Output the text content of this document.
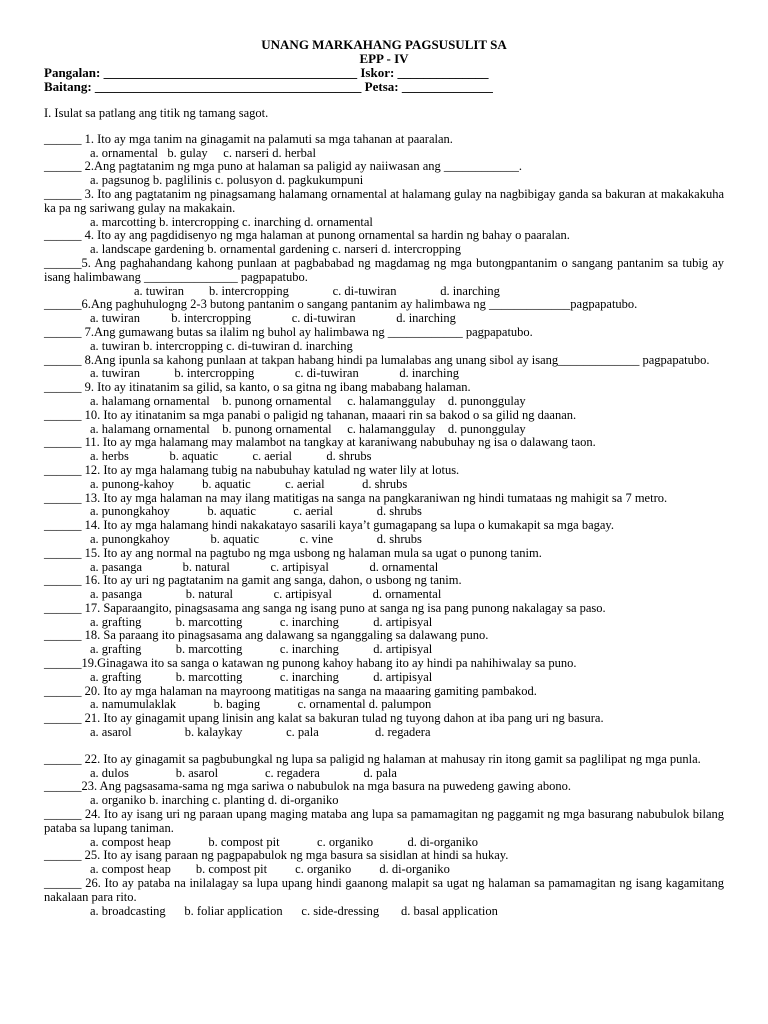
UNANG MARKAHANG PAGSUSULIT SA
EPP - IV
Pangalan: _______________________________________ Iskor: ______________
Baitang: _________________________________________ Petsa: ______________
I. Isulat sa patlang ang titik ng tamang sagot.
______ 1. Ito ay mga tanim na ginagamit na palamuti sa mga tahanan at paaralan.
a. ornamental   b. gulay     c. narseri d. herbal
______ 2.Ang pagtatanim ng mga puno at halaman sa paligid ay naiiwasan ang ____________.
a. pagsunog b. paglilinis c. polusyon d. pagkukumpuni
______ 3. Ito ang pagtatanim ng pinagsamang halamang ornamental at halamang gulay na nagbibigay ganda sa bakuran at makakakuha ka pa ng sariwang gulay na makakain.
a. marcotting b. intercropping c. inarching d. ornamental
______ 4. Ito ay ang pagdidisenyo ng mga halaman at punong ornamental sa hardin ng bahay o paaralan.
a. landscape gardening b. ornamental gardening c. narseri d. intercropping
______5. Ang paghahandang kahong punlaan at pagbababad ng magdamag ng mga butongpantanim o sangang pantanim sa tubig ay isang halimbawang _______________ pagpapatubo.
a. tuwiran        b. intercropping              c. di-tuwiran              d. inarching
______6.Ang paghuhulogng 2-3 butong pantanim o sangang pantanim ay halimbawa ng _____________pagpapatubo.
a. tuwiran          b. intercropping             c. di-tuwiran             d. inarching
______ 7.Ang gumawang butas sa ilalim ng buhol ay halimbawa ng ____________ pagpapatubo.
a. tuwiran b. intercropping c. di-tuwiran d. inarching
______ 8.Ang ipunla sa kahong punlaan at takpan habang hindi pa lumalabas ang unang sibol ay isang_____________ pagpapatubo.
a. tuwiran           b. intercropping             c. di-tuwiran             d. inarching
______ 9. Ito ay itinatanim sa gilid, sa kanto, o sa gitna ng ibang mababang halaman.
a. halamang ornamental    b. punong ornamental     c. halamanggulay    d. punonggulay
______ 10. Ito ay itinatanim sa mga panabi o paligid ng tahanan, maaari rin sa bakod o sa gilid ng daanan.
a. halamang ornamental    b. punong ornamental     c. halamanggulay    d. punonggulay
______ 11. Ito ay mga halamang may malambot na tangkay at karaniwang nabubuhay ng isa o dalawang taon.
a. herbs             b. aquatic           c. aerial           d. shrubs
______ 12. Ito ay mga halamang tubig na nabubuhay katulad ng water lily at lotus.
a. punong-kahoy         b. aquatic           c. aerial            d. shrubs
______ 13. Ito ay mga halaman na may ilang matitigas na sanga na pangkaraniwan ng hindi tumataas ng mahigit sa 7 metro.
a. punongkahoy            b. aquatic            c. aerial              d. shrubs
______ 14. Ito ay mga halamang hindi nakakatayo sasarili kaya’t gumagapang sa lupa o kumakapit sa mga bagay.
a. punongkahoy             b. aquatic             c. vine              d. shrubs
______ 15. Ito ay ang normal na pagtubo ng mga usbong ng halaman mula sa ugat o punong tanim.
a. pasanga             b. natural             c. artipisyal             d. ornamental
______ 16. Ito ay uri ng pagtatanim na gamit ang sanga, dahon, o usbong ng tanim.
a. pasanga              b. natural             c. artipisyal             d. ornamental
______ 17. Saparaangito, pinagsasama ang sanga ng isang puno at sanga ng isa pang punong nakalagay sa paso.
a. grafting           b. marcotting            c. inarching           d. artipisyal
______ 18. Sa paraang ito pinagsasama ang dalawang sa nganggaling sa dalawang puno.
a. grafting           b. marcotting            c. inarching           d. artipisyal
______19.Ginagawa ito sa sanga o katawan ng punong kahoy habang ito ay hindi pa nahihiwalay sa puno.
a. grafting           b. marcotting            c. inarching           d. artipisyal
______ 20. Ito ay mga halaman na mayroong matitigas na sanga na maaaring gamiting pambakod.
a. namumulaklak            b. baging            c. ornamental d. palumpon
______ 21. Ito ay ginagamit upang linisin ang kalat sa bakuran tulad ng tuyong dahon at iba pang uri ng basura.
a. asarol                 b. kalaykay              c. pala                  d. regadera
______ 22. Ito ay ginagamit sa pagbubungkal ng lupa sa paligid ng halaman at mahusay rin itong gamit sa paglilipat ng mga punla.
a. dulos               b. asarol               c. regadera              d. pala
______23. Ang pagsasama-sama ng mga sariwa o nabubulok na mga basura na puwedeng gawing abono.
a. organiko b. inarching c. planting d. di-organiko
______ 24. Ito ay isang uri ng paraan upang maging mataba ang lupa sa pamamagitan ng paggamit ng mga basurang nabubulok bilang pataba sa lupang taniman.
a. compost heap            b. compost pit            c. organiko           d. di-organiko
______ 25. Ito ay isang paraan ng pagpapabulok ng mga basura sa sisidlan at hindi sa hukay.
a. compost heap        b. compost pit         c. organiko         d. di-organiko
______ 26. Ito ay pataba na inilalagay sa lupa upang hindi gaanong malapit sa ugat ng halaman sa pamamagitan ng isang kagamitang nakalaan para rito.
a. broadcasting      b. foliar application      c. side-dressing       d. basal application
